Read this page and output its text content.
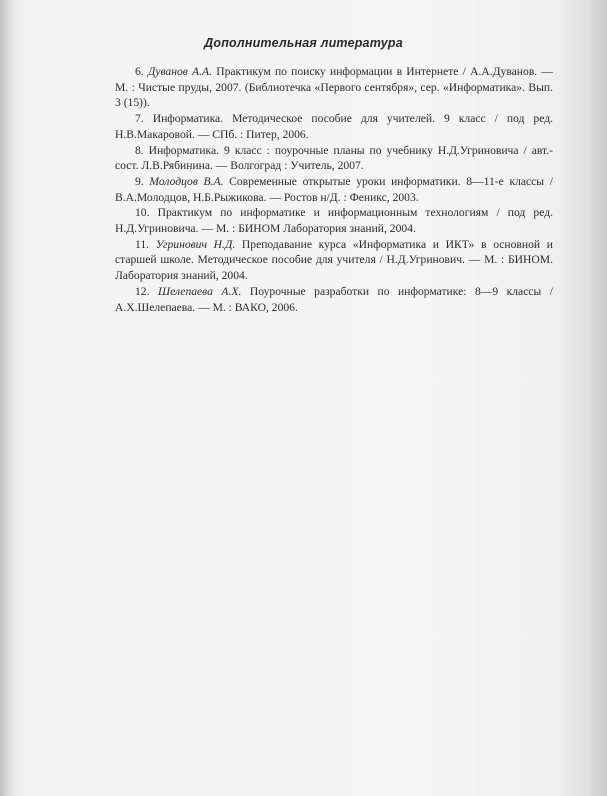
Дополнительная литература

6. Дуванов А.А. Практикум по поиску информации в Интернете / А.А.Дуванов. — М. : Чистые пруды, 2007. (Библиотечка «Первого сентября», сер. «Информатика». Вып. 3 (15)).

7. Информатика. Методическое пособие для учителей. 9 класс / под ред. Н.В.Макаровой. — СПб. : Питер, 2006.

8. Информатика. 9 класс : поурочные планы по учебнику Н.Д.Угриновича / авт.-сост. Л.В.Рябинина. — Волгоград : Учитель, 2007.

9. Молодцов В.А. Современные открытые уроки информатики. 8—11-е классы / В.А.Молодцов, Н.Б.Рыжикова. — Ростов н/Д. : Феникс, 2003.

10. Практикум по информатике и информационным технологиям / под ред. Н.Д.Угриновича. — М. : БИНОМ Лаборатория знаний, 2004.

11. Угринович Н.Д. Преподавание курса «Информатика и ИКТ» в основной и старшей школе. Методическое пособие для учителя / Н.Д.Угринович. — М. : БИНОМ. Лаборатория знаний, 2004.

12. Шелепаева А.Х. Поурочные разработки по информатике: 8—9 классы / А.Х.Шелепаева. — М. : ВАКО, 2006.
